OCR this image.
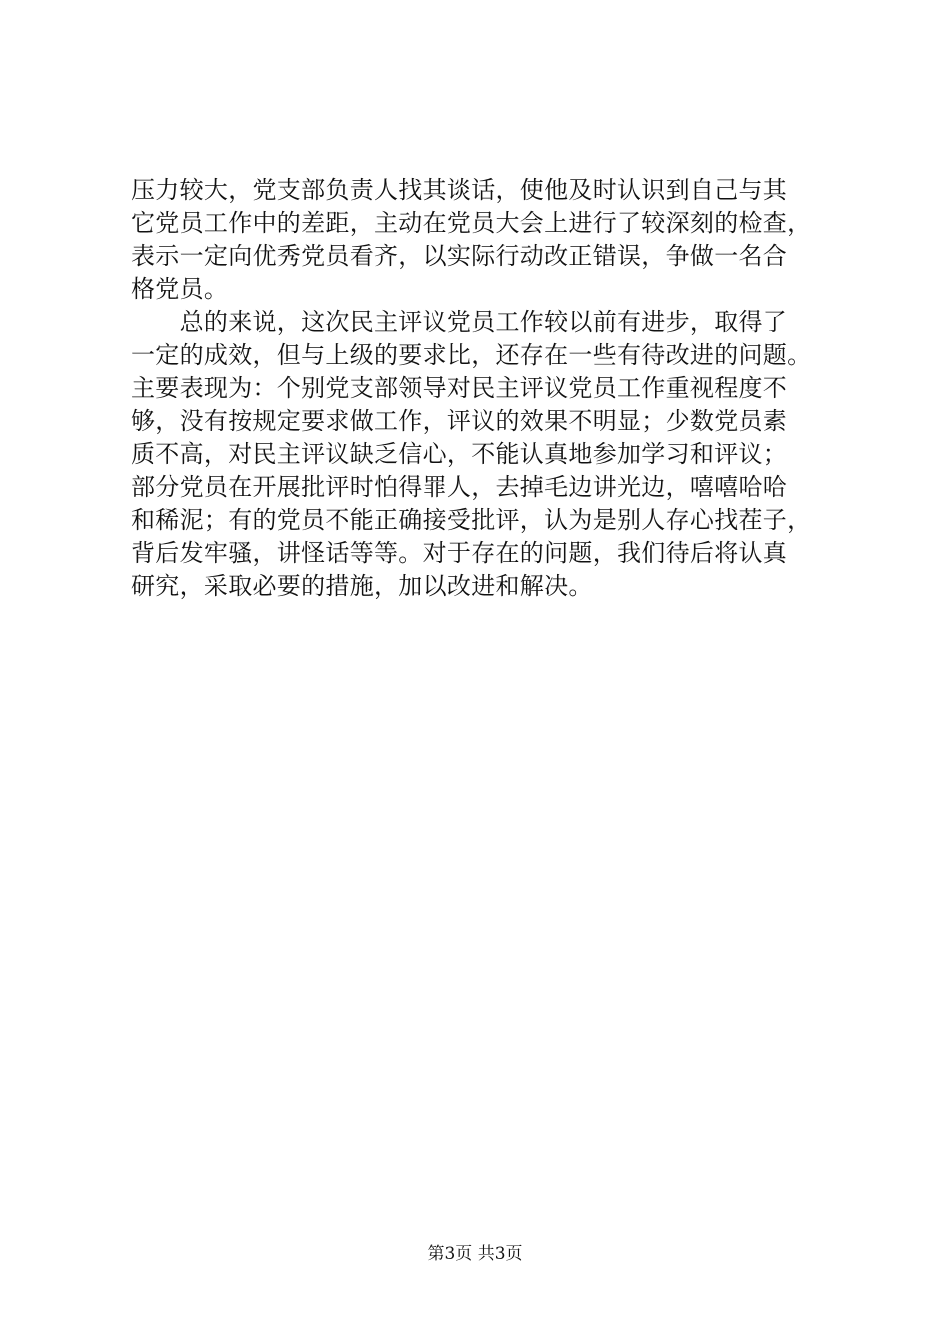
压力较大，党支部负责人找其谈话，使他及时认识到自己与其
它党员工作中的差距，主动在党员大会上进行了较深刻的检查，
表示一定向优秀党员看齐，以实际行动改正错误，争做一名合
格党员。
　　总的来说，这次民主评议党员工作较以前有进步，取得了
一定的成效，但与上级的要求比，还存在一些有待改进的问题。
主要表现为：个别党支部领导对民主评议党员工作重视程度不
够，没有按规定要求做工作，评议的效果不明显；少数党员素
质不高，对民主评议缺乏信心，不能认真地参加学习和评议；
部分党员在开展批评时怕得罪人，去掉毛边讲光边，嘻嘻哈哈
和稀泥；有的党员不能正确接受批评，认为是别人存心找茬子，
背后发牢骚，讲怪话等等。对于存在的问题，我们待后将认真
研究，采取必要的措施，加以改进和解决。
第3页 共3页
